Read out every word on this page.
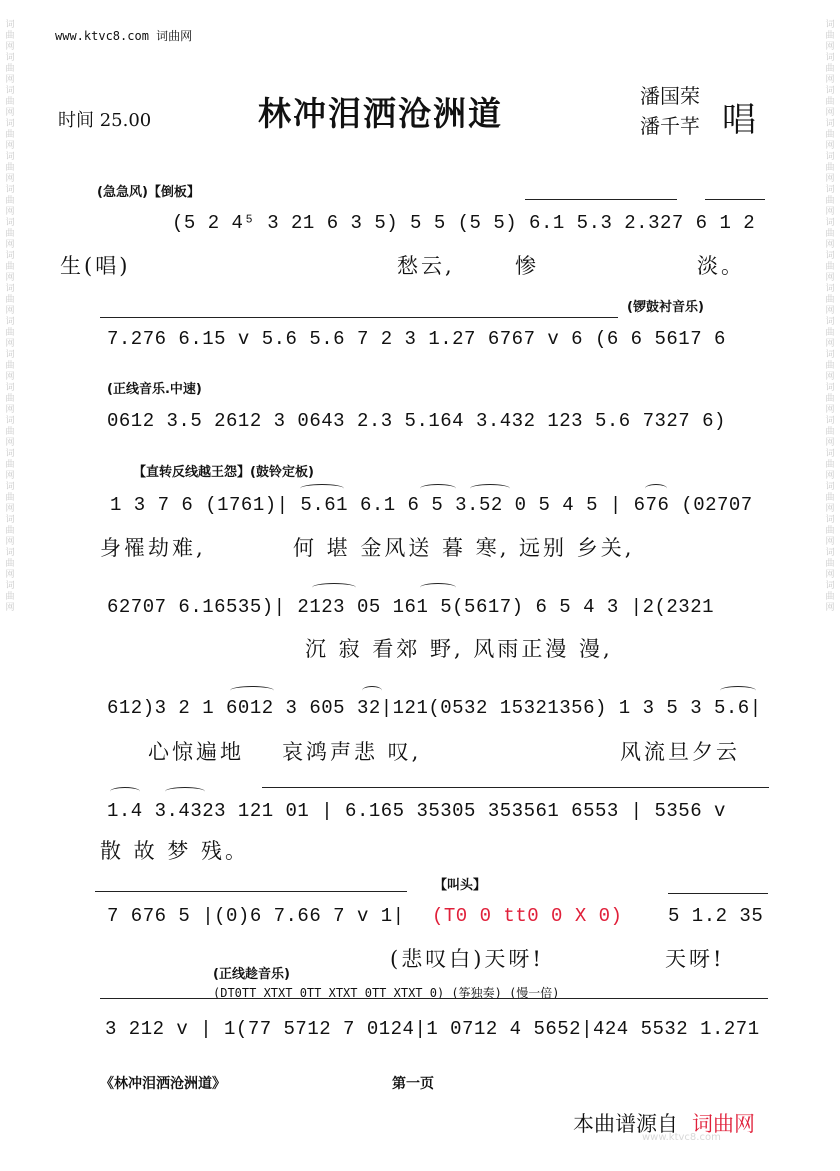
词曲网词曲网词曲网词曲网词曲网词曲网词曲网词曲网词曲网词曲网词曲网词曲网词曲网词曲网词曲网词曲网词曲网词曲网
词曲网词曲网词曲网词曲网词曲网词曲网词曲网词曲网词曲网词曲网词曲网词曲网词曲网词曲网词曲网词曲网词曲网词曲网
www.ktvc8.com 词曲网
时间 25.00	林冲泪洒沧洲道	潘国荣
潘千芊 唱
(急急风)【倒板】
(5 2 4⁵ 3 21 6 3 5) 5 5 (5 5) 6.1 5.3 2.327 6 1 2
生(唱)	愁云,	惨	淡。
(锣鼓衬音乐)
7.276 6.15 v 5.6 5.6 7 2 3 1.27 6767 v 6 (6 6 5617 6
(正线音乐.中速)
0612 3.5 2612 3 0643 2.3 5.164 3.432 123 5.6 7327 6)
【直转反线越王怨】(鼓铃定板)
1 3 7 6 (1761)| 5.61 6.1 6 5 3.52 0 5 4 5 | 676 (02707
身罹劫难,	何 堪 金风送 暮 寒, 远别 乡关,
62707 6.16535)| 2123 05 161 5(5617) 6 5 4 3 |2(2321
沉 寂 看郊 野, 风雨正漫 漫,
612)3 2 1 6012 3 605 32|121(0532 15321356) 1 3 5 3 5.6|
心惊遍地 哀鸿声悲 叹,	风流旦夕云
1.4 3.4323 121 01 | 6.165 35305 353561 6553 | 5356 v
散 故 梦 残。
【叫头】
7 676 5 |(0)6 7.66 7 v 1| (T0 0 tt0 0 X 0) 5 1.2 35
(悲叹白)天呀!	天呀!
(正线趁音乐)
(DT0TT XTXT 0TT XTXT 0TT XTXT 0) (筝独奏) (慢一倍)
3 212 v | 1(77 5712 7 0124|1 0712 4 5652|424 5532 1.271
《林冲泪洒沧洲道》	第一页
本曲谱源自 词曲网
www.ktvc8.com
